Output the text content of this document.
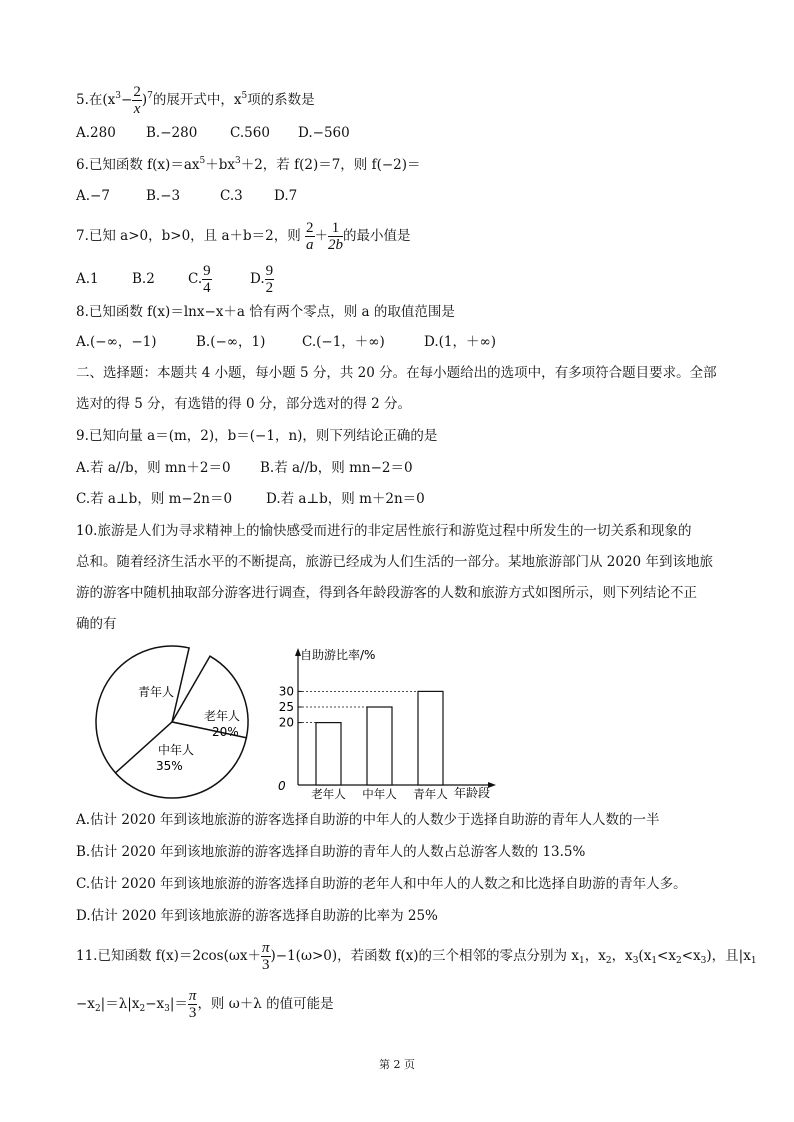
5.在$(x^3- \frac{2}{x} )^7$的展开式中，$x^5$项的系数是
A.280 B.−280 C.560 D.−560
6.已知函数 $f(x)=ax^5+bx^3+2$，若 f(2)＝7，则 f(−2)＝
A.−7	B.−3	C.3 D.7
7.已知 a>0，b>0，且 a＋b＝2，则 $\frac{2}{a} + \frac{1}{2b}$ 的最小值是
A.1 B.2 C. $\frac{9}{4}$	D. $\frac{9}{2}$
8.已知函数 f(x)＝lnx−x＋a 恰有两个零点，则 a 的取值范围是
A.(−∞，−1)	B.(−∞，1)	C.(−1，＋∞)	D.(1，＋∞)
二、选择题：本题共 4 小题，每小题 5 分，共 20 分。在每小题给出的选项中，有多项符合题目要求。全部
选对的得 5 分，有选错的得 0 分，部分选对的得 2 分。
9.已知向量 a＝(m，2)，b＝(−1，n)，则下列结论正确的是
A.若 a//b，则 mn＋2＝0 B.若 a//b，则 mn−2＝0
C.若 a⊥b，则 m−2n＝0	D.若 a⊥b，则 m＋2n＝0
10.旅游是人们为寻求精神上的愉快感受而进行的非定居性旅行和游览过程中所发生的一切关系和现象的
总和。随着经济生活水平的不断提高，旅游已经成为人们生活的一部分。某地旅游部门从 2020 年到该地旅
游的游客中随机抽取部分游客进行调查，得到各年龄段游客的人数和旅游方式如图所示，则下列结论不正
确的有
青年人
老年人
20%
中年人
35%
自助游比率/%
0	年龄段
老年人 中年人 青年人
20
25
30
A.估计 2020 年到该地旅游的游客选择自助游的中年人的人数少于选择自助游的青年人人数的一半
B.估计 2020 年到该地旅游的游客选择自助游的青年人的人数占总游客人数的 13.5%
C.估计 2020 年到该地旅游的游客选择自助游的老年人和中年人的人数之和比选择自助游的青年人多。
D.估计 2020 年到该地旅游的游客选择自助游的比率为 25%
11.已知函数 $f(x)=2\cos(\omega x+ \frac{\pi}{3} )-1(\omega>0)$，若函数 f(x)的三个相邻的零点分别为 $x_1$，$x_2$，$x_3(x_1<x_2<x_3)$，且$|x_1$
$-x_2|=\lambda|x_2-x_3|= \frac{\pi}{3}$ ，则 ω＋λ 的值可能是
第 2 页
